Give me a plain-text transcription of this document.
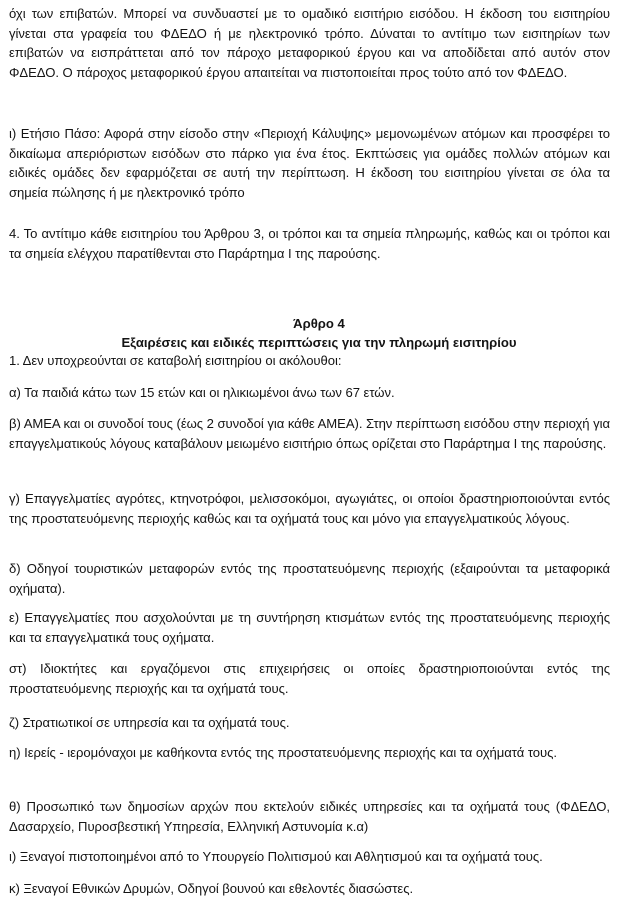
όχι των επιβατών. Μπορεί να συνδυαστεί με το ομαδικό εισιτήριο εισόδου. Η έκδοση του εισιτηρίου γίνεται στα γραφεία του ΦΔΕΔΟ ή με ηλεκτρονικό τρόπο. Δύναται το αντίτιμο των εισιτηρίων των επιβατών να εισπράττεται από τον πάροχο μεταφορικού έργου και να αποδίδεται από αυτόν στον ΦΔΕΔΟ. Ο πάροχος μεταφορικού έργου απαιτείται να πιστοποιείται προς τούτο από τον ΦΔΕΔΟ.

ι) Ετήσιο Πάσο: Αφορά στην είσοδο στην «Περιοχή Κάλυψης» μεμονωμένων ατόμων και προσφέρει το δικαίωμα απεριόριστων εισόδων στο πάρκο για ένα έτος. Εκπτώσεις για ομάδες πολλών ατόμων και ειδικές ομάδες δεν εφαρμόζεται σε αυτή την περίπτωση. Η έκδοση του εισιτηρίου γίνεται σε όλα τα σημεία πώλησης ή με ηλεκτρονικό τρόπο

4. Το αντίτιμο κάθε εισιτηρίου του Άρθρου 3, οι τρόποι και τα σημεία πληρωμής, καθώς και οι τρόποι και τα σημεία ελέγχου παρατίθενται στο Παράρτημα Ι της παρούσης.

Άρθρο 4
Εξαιρέσεις και ειδικές περιπτώσεις για την πληρωμή εισιτηρίου

1. Δεν υποχρεούνται σε καταβολή εισιτηρίου οι ακόλουθοι:

α) Τα παιδιά κάτω των 15 ετών και οι ηλικιωμένοι άνω των 67 ετών.

β) ΑΜΕΑ και οι συνοδοί τους (έως 2 συνοδοί για κάθε ΑΜΕΑ). Στην περίπτωση εισόδου στην περιοχή για επαγγελματικούς λόγους καταβάλουν μειωμένο εισιτήριο όπως ορίζεται στο Παράρτημα Ι της παρούσης.

γ) Επαγγελματίες αγρότες, κτηνοτρόφοι, μελισσοκόμοι, αγωγιάτες, οι οποίοι δραστηριοποιούνται εντός της προστατευόμενης περιοχής καθώς και τα οχήματά τους και μόνο για επαγγελματικούς λόγους.

δ) Οδηγοί τουριστικών μεταφορών εντός της προστατευόμενης περιοχής (εξαιρούνται τα μεταφορικά οχήματα).

ε) Επαγγελματίες που ασχολούνται με τη συντήρηση κτισμάτων εντός της προστατευόμενης περιοχής και τα επαγγελματικά τους οχήματα.

στ) Ιδιοκτήτες και εργαζόμενοι στις επιχειρήσεις οι οποίες δραστηριοποιούνται εντός της προστατευόμενης περιοχής και τα οχήματά τους.

ζ) Στρατιωτικοί σε υπηρεσία και τα οχήματά τους.

η) Ιερείς - ιερομόναχοι με καθήκοντα εντός της προστατευόμενης περιοχής και τα οχήματά τους.

θ) Προσωπικό των δημοσίων αρχών που εκτελούν ειδικές υπηρεσίες και τα οχήματά τους (ΦΔΕΔΟ, Δασαρχείο, Πυροσβεστική Υπηρεσία, Ελληνική Αστυνομία κ.α)

ι) Ξεναγοί πιστοποιημένοι από το Υπουργείο Πολιτισμού και Αθλητισμού και τα οχήματά τους.

κ) Ξεναγοί Εθνικών Δρυμών, Οδηγοί βουνού και εθελοντές διασώστες.
